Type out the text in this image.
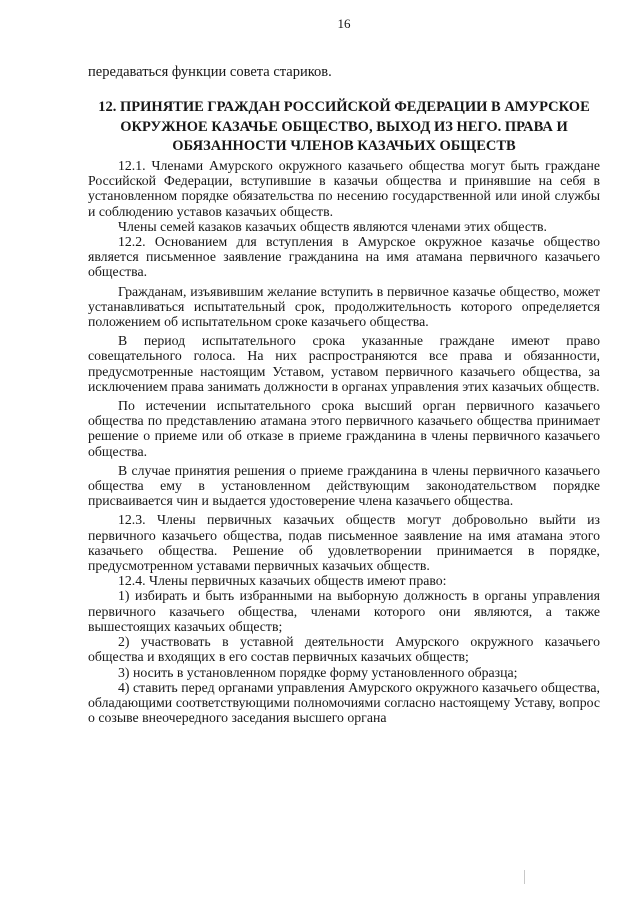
16
передаваться функции совета стариков.
12. ПРИНЯТИЕ ГРАЖДАН РОССИЙСКОЙ ФЕДЕРАЦИИ В АМУРСКОЕ ОКРУЖНОЕ КАЗАЧЬЕ ОБЩЕСТВО, ВЫХОД ИЗ НЕГО. ПРАВА И ОБЯЗАННОСТИ ЧЛЕНОВ КАЗАЧЬИХ ОБЩЕСТВ

12.1. Членами Амурского окружного казачьего общества могут быть граждане Российской Федерации, вступившие в казачьи общества и принявшие на себя в установленном порядке обязательства по несению государственной или иной службы и соблюдению уставов казачьих обществ.

Члены семей казаков казачьих обществ являются членами этих обществ.

12.2. Основанием для вступления в Амурское окружное казачье общество является письменное заявление гражданина на имя атамана первичного казачьего общества.

Гражданам, изъявившим желание вступить в первичное казачье общество, может устанавливаться испытательный срок, продолжительность которого определяется положением об испытательном сроке казачьего общества.

В период испытательного срока указанные граждане имеют право совещательного голоса. На них распространяются все права и обязанности, предусмотренные настоящим Уставом, уставом первичного казачьего общества, за исключением права занимать должности в органах управления этих казачьих обществ.

По истечении испытательного срока высший орган первичного казачьего общества по представлению атамана этого первичного казачьего общества принимает решение о приеме или об отказе в приеме гражданина в члены первичного казачьего общества.

В случае принятия решения о приеме гражданина в члены первичного казачьего общества ему в установленном действующим законодательством порядке присваивается чин и выдается удостоверение члена казачьего общества.

12.3. Члены первичных казачьих обществ могут добровольно выйти из первичного казачьего общества, подав письменное заявление на имя атамана этого казачьего общества. Решение об удовлетворении принимается в порядке, предусмотренном уставами первичных казачьих обществ.

12.4. Члены первичных казачьих обществ имеют право:

1) избирать и быть избранными на выборную должность в органы управления первичного казачьего общества, членами которого они являются, а также вышестоящих казачьих обществ;

2) участвовать в уставной деятельности Амурского окружного казачьего общества и входящих в его состав первичных казачьих обществ;

3) носить в установленном порядке форму установленного образца;

4) ставить перед органами управления Амурского окружного казачьего общества, обладающими соответствующими полномочиями согласно настоящему Уставу, вопрос о созыве внеочередного заседания высшего органа
